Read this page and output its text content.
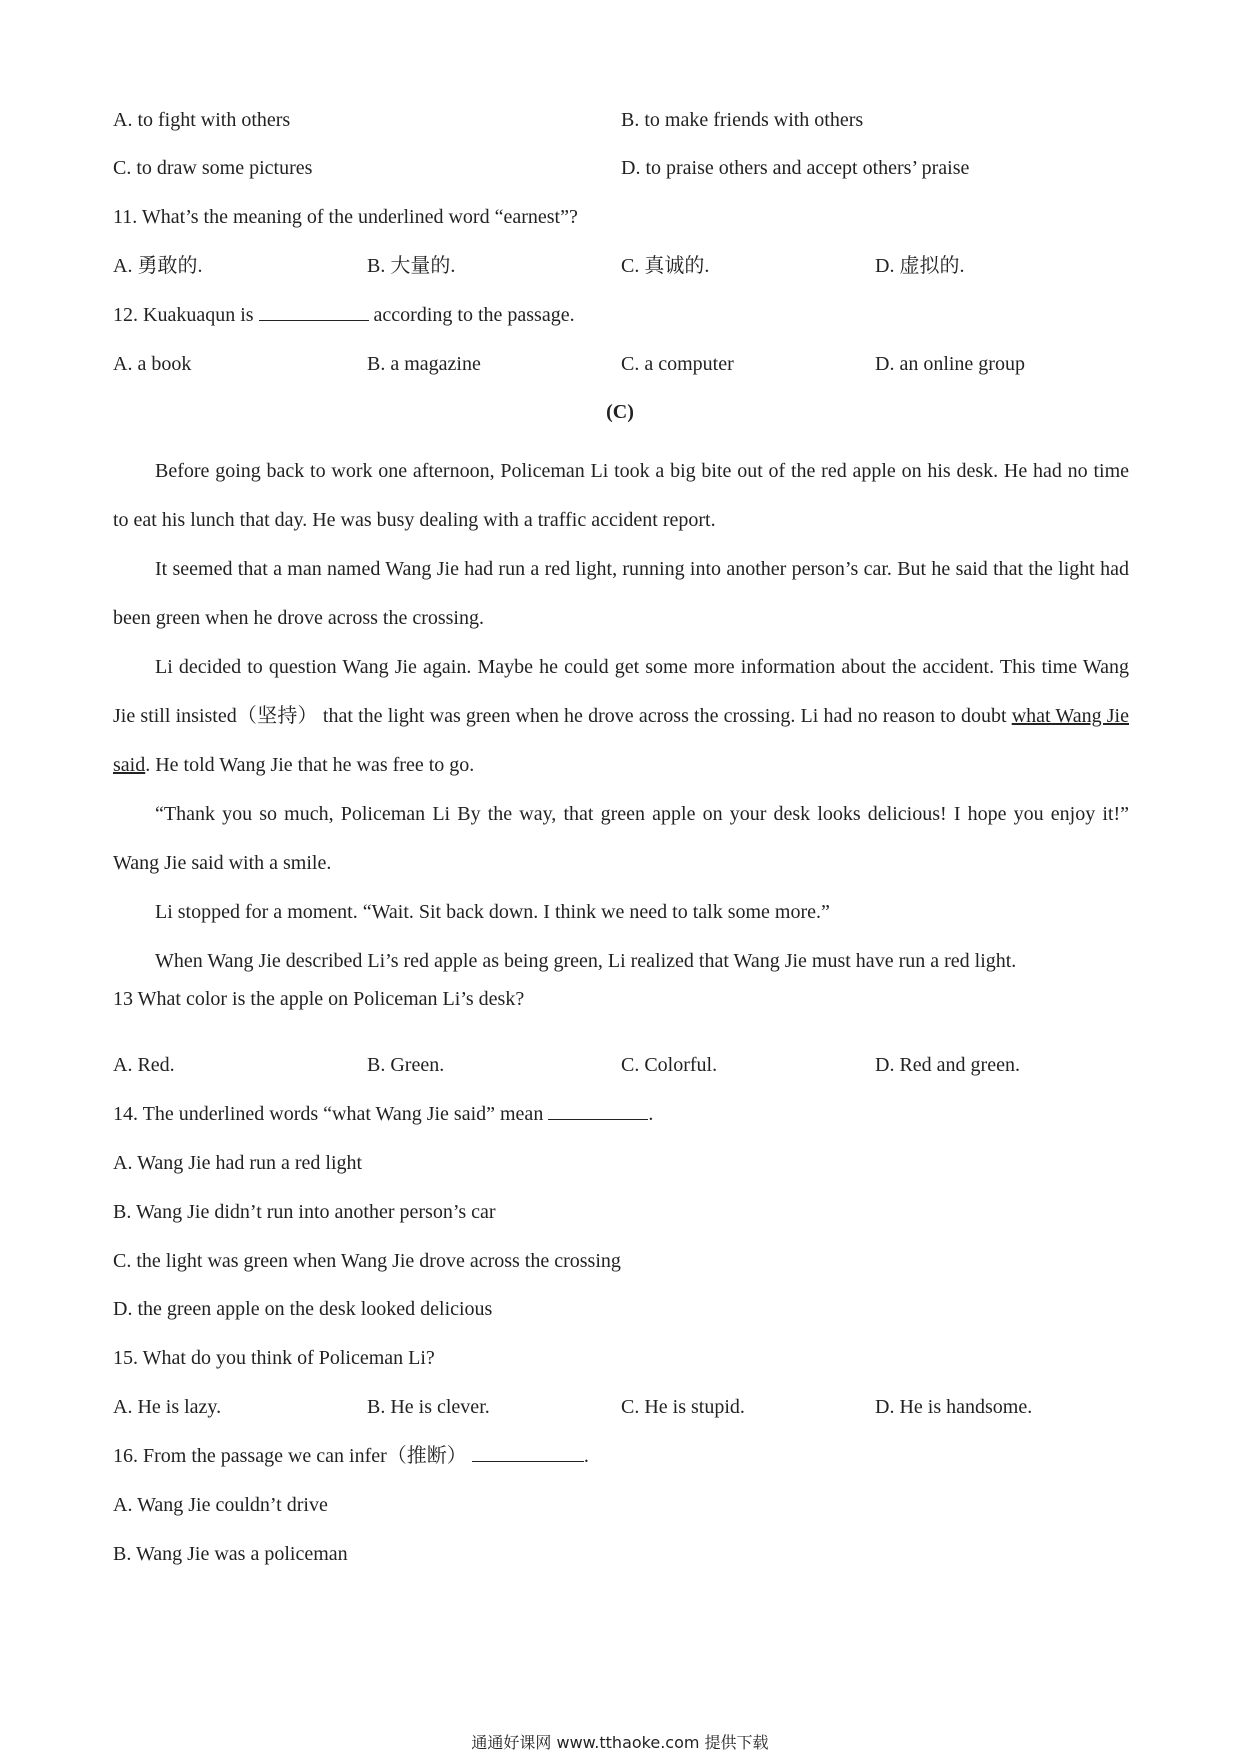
A. to fight with others	B. to make friends with others
C. to draw some pictures	D. to praise others and accept others’ praise
11. What’s the meaning of the underlined word “earnest”?
A. 勇敢的.	B. 大量的.	C. 真诚的.	D. 虚拟的.
12. Kuakuaqun is	according to the passage.
A. a book	B. a magazine	C. a computer	D. an online group
(C)
Before going back to work one afternoon, Policeman Li took a big bite out of the red apple on his desk. He had no time to eat his lunch that day. He was busy dealing with a traffic accident report.
It seemed that a man named Wang Jie had run a red light, running into another person’s car. But he said that the light had been green when he drove across the crossing.
Li decided to question Wang Jie again. Maybe he could get some more information about the accident. This time Wang Jie still insisted（坚持） that the light was green when he drove across the crossing. Li had no reason to doubt what Wang Jie said. He told Wang Jie that he was free to go.
“Thank you so much, Policeman Li By the way, that green apple on your desk looks delicious! I hope you enjoy it!” Wang Jie said with a smile.
Li stopped for a moment. “Wait. Sit back down. I think we need to talk some more.”
When Wang Jie described Li’s red apple as being green, Li realized that Wang Jie must have run a red light.
13 What color is the apple on Policeman Li’s desk?
A. Red.	B. Green.	C. Colorful.	D. Red and green.
14. The underlined words “what Wang Jie said” mean	.
A. Wang Jie had run a red light
B. Wang Jie didn’t run into another person’s car
C. the light was green when Wang Jie drove across the crossing
D. the green apple on the desk looked delicious
15. What do you think of Policeman Li?
A. He is lazy.	B. He is clever.	C. He is stupid.	D. He is handsome.
16. From the passage we can infer（推断）	.
A. Wang Jie couldn’t drive
B. Wang Jie was a policeman
通通好课网 www.tthaoke.com 提供下载
